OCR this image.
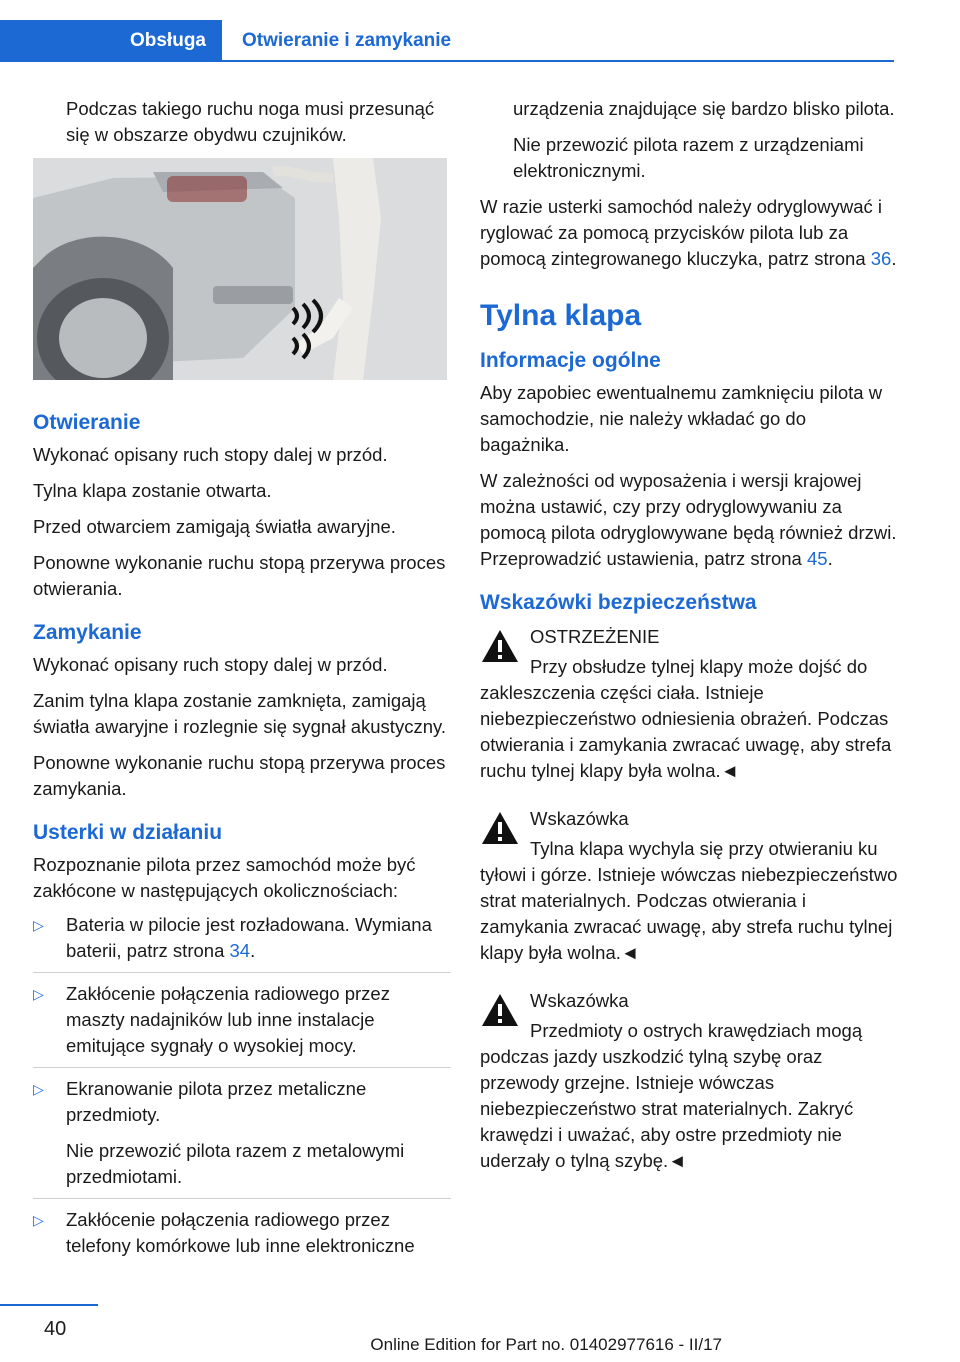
Obsługa Otwieranie i zamykanie

Podczas takiego ruchu noga musi przesunąć się w obszarze obydwu czujników.

Otwieranie

Wykonać opisany ruch stopy dalej w przód.

Tylna klapa zostanie otwarta.

Przed otwarciem zamigają światła awaryjne.

Ponowne wykonanie ruchu stopą przerywa proces otwierania.

Zamykanie

Wykonać opisany ruch stopy dalej w przód.

Zanim tylna klapa zostanie zamknięta, zamigają światła awaryjne i rozlegnie się sygnał akustyczny.

Ponowne wykonanie ruchu stopą przerywa proces zamykania.

Usterki w działaniu

Rozpoznanie pilota przez samochód może być zakłócone w następujących okolicznościach:

▷	Bateria w pilocie jest rozładowana. Wymiana baterii, patrz strona 34.

▷	Zakłócenie połączenia radiowego przez maszty nadajników lub inne instalacje emitujące sygnały o wysokiej mocy.

▷	Ekranowanie pilota przez metaliczne przedmioty.

Nie przewozić pilota razem z metalowymi przedmiotami.

▷	Zakłócenie połączenia radiowego przez telefony komórkowe lub inne elektroniczne

urządzenia znajdujące się bardzo blisko pilota.

Nie przewozić pilota razem z urządzeniami elektronicznymi.

W razie usterki samochód należy odryglowywać i ryglować za pomocą przycisków pilota lub za pomocą zintegrowanego kluczyka, patrz strona 36.

Tylna klapa
Informacje ogólne

Aby zapobiec ewentualnemu zamknięciu pilota w samochodzie, nie należy wkładać go do bagażnika.

W zależności od wyposażenia i wersji krajowej można ustawić, czy przy odryglowywaniu za pomocą pilota odryglowywane będą również drzwi. Przeprowadzić ustawienia, patrz strona 45.

Wskazówki bezpieczeństwa
OSTRZEŻENIE

Przy obsłudze tylnej klapy może dojść do zakleszczenia części ciała. Istnieje niebezpieczeństwo odniesienia obrażeń. Podczas otwierania i zamykania zwracać uwagę, aby strefa ruchu tylnej klapy była wolna.◄

Wskazówka

Tylna klapa wychyla się przy otwieraniu ku tyłowi i górze. Istnieje wówczas niebezpieczeństwo strat materialnych. Podczas otwierania i zamykania zwracać uwagę, aby strefa ruchu tylnej klapy była wolna.◄

Wskazówka

Przedmioty o ostrych krawędziach mogą podczas jazdy uszkodzić tylną szybę oraz przewody grzejne. Istnieje wówczas niebezpieczeństwo strat materialnych. Zakryć krawędzi i uważać, aby ostre przedmioty nie uderzały o tylną szybę.◄

40
Online Edition for Part no. 01402977616 - II/17
